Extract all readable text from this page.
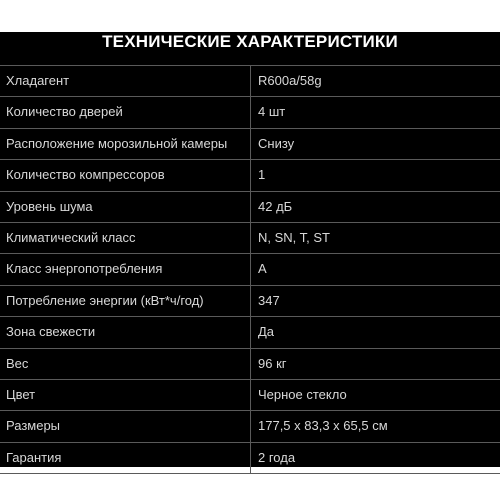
ТЕХНИЧЕСКИЕ ХАРАКТЕРИСТИКИ
Хладагент	R600a/58g
Количество дверей	4 шт
Расположение морозильной камеры	Снизу
Количество компрессоров	1
Уровень шума	42 дБ
Климатический класс	N, SN, T, ST
Класс энергопотребления	A
Потребление энергии (кВт*ч/год)	347
Зона свежести	Да
Вес	96 кг
Цвет	Черное стекло
Размеры	177,5 х 83,3 х 65,5 см
Гарантия	2 года
